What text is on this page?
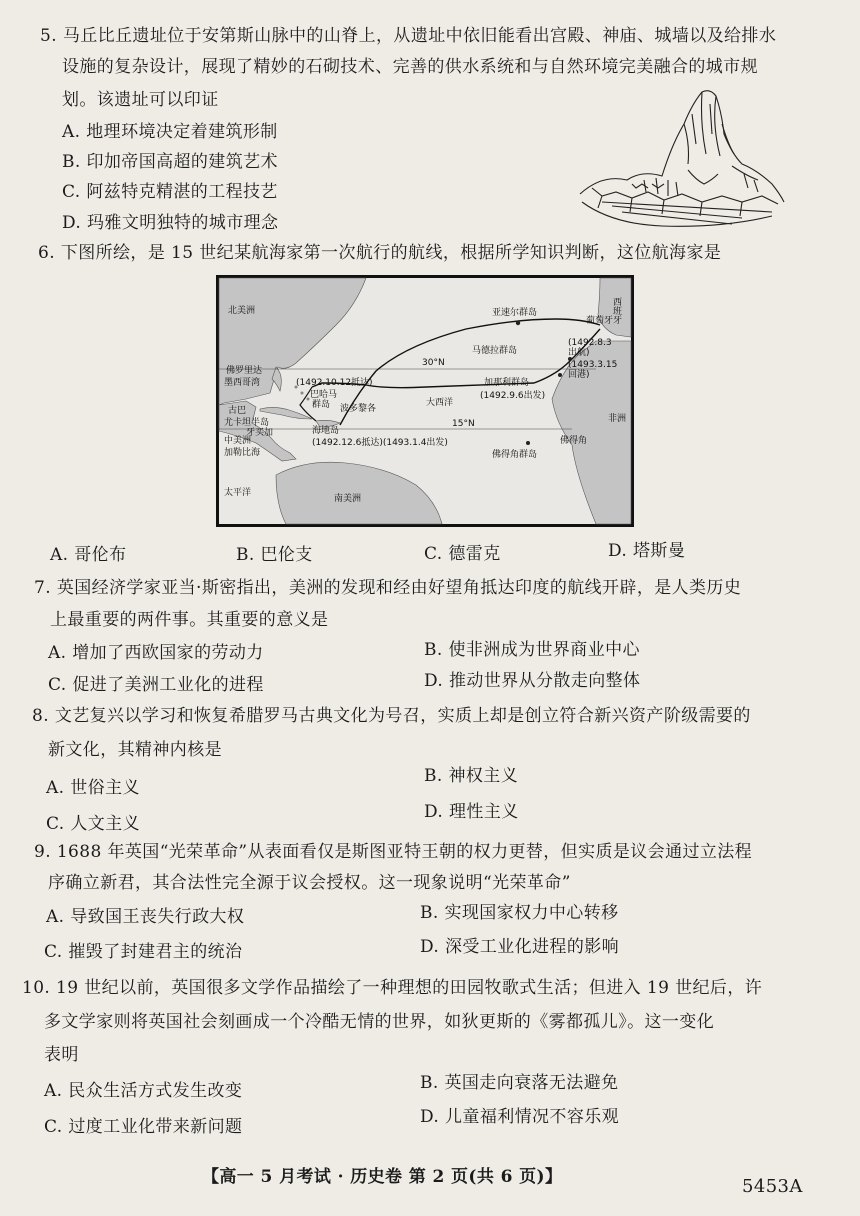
5. 马丘比丘遗址位于安第斯山脉中的山脊上，从遗址中依旧能看出宫殿、神庙、城墙以及给排水
设施的复杂设计，展现了精妙的石砌技术、完善的供水系统和与自然环境完美融合的城市规
划。该遗址可以印证
A. 地理环境决定着建筑形制
B. 印加帝国高超的建筑艺术
C. 阿兹特克精湛的工程技艺
D. 玛雅文明独特的城市理念
6. 下图所绘，是 15 世纪某航海家第一次航行的航线，根据所学知识判断，这位航海家是
北美洲
南美洲
太平洋
大西洋
非洲
西班牙
葡萄牙
亚速尔群岛
马德拉群岛
加那利群岛
(1492.9.6出发)
(1492.8.3
出航)
(1493.3.15
回港)
30°N
15°N
佛罗里达
墨西哥湾	(1492.10.12抵达)
巴哈马
群岛 波多黎各
古巴
尤卡坦半岛
牙买加	海地岛
(1492.12.6抵达)(1493.1.4出发)
中美洲
加勒比海	佛得角群岛
佛得角
A. 哥伦布	B. 巴伦支	C. 德雷克	D. 塔斯曼
7. 英国经济学家亚当·斯密指出，美洲的发现和经由好望角抵达印度的航线开辟，是人类历史
上最重要的两件事。其重要的意义是
A. 增加了西欧国家的劳动力	B. 使非洲成为世界商业中心
C. 促进了美洲工业化的进程	D. 推动世界从分散走向整体
8. 文艺复兴以学习和恢复希腊罗马古典文化为号召，实质上却是创立符合新兴资产阶级需要的
新文化，其精神内核是
A. 世俗主义
B. 神权主义
D. 理性主义
C. 人文主义
9. 1688 年英国“光荣革命”从表面看仅是斯图亚特王朝的权力更替，但实质是议会通过立法程
序确立新君，其合法性完全源于议会授权。这一现象说明“光荣革命”
A. 导致国王丧失行政大权	B. 实现国家权力中心转移
C. 摧毁了封建君主的统治	D. 深受工业化进程的影响
10. 19 世纪以前，英国很多文学作品描绘了一种理想的田园牧歌式生活；但进入 19 世纪后，许
多文学家则将英国社会刻画成一个冷酷无情的世界，如狄更斯的《雾都孤儿》。这一变化
表明
A. 民众生活方式发生改变	B. 英国走向衰落无法避免
C. 过度工业化带来新问题	D. 儿童福利情况不容乐观
【高一 5 月考试 · 历史卷 第 2 页(共 6 页)】	5453A
